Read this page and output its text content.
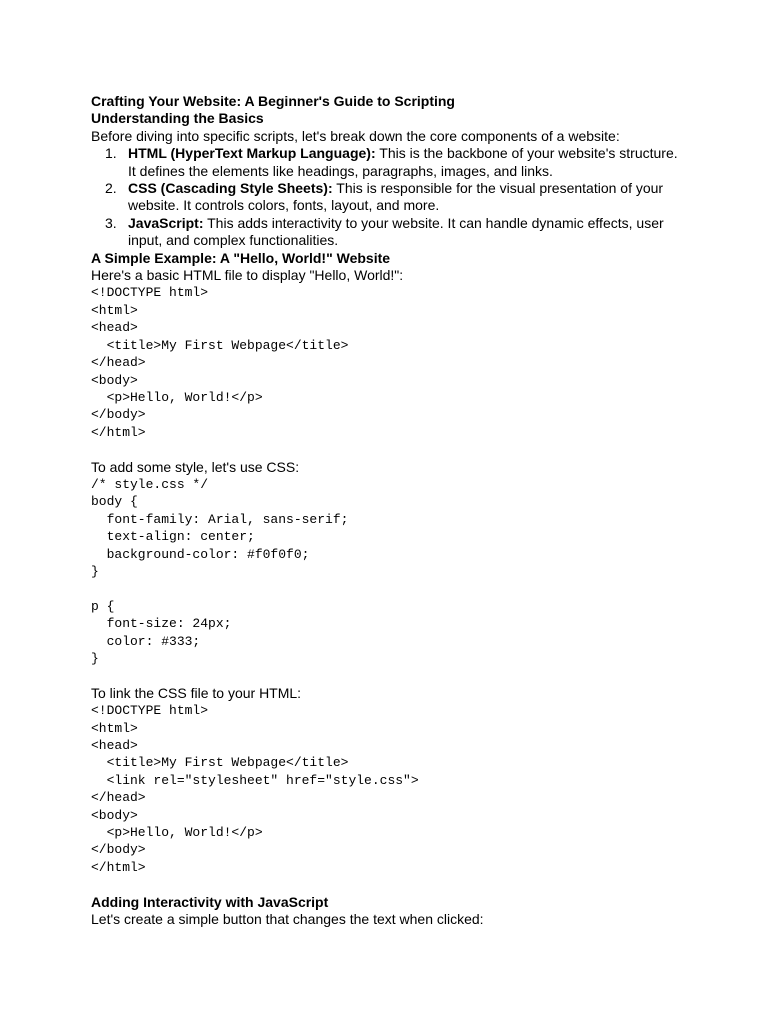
Crafting Your Website: A Beginner's Guide to Scripting
Understanding the Basics
Before diving into specific scripts, let's break down the core components of a website:
1. HTML (HyperText Markup Language): This is the backbone of your website's structure.
It defines the elements like headings, paragraphs, images, and links.
2. CSS (Cascading Style Sheets): This is responsible for the visual presentation of your
website. It controls colors, fonts, layout, and more.
3. JavaScript: This adds interactivity to your website. It can handle dynamic effects, user
input, and complex functionalities.
A Simple Example: A "Hello, World!" Website
Here's a basic HTML file to display "Hello, World!":
<!DOCTYPE html>
<html>
<head>
<title>My First Webpage</title>
</head>
<body>
<p>Hello, World!</p>
</body>
</html>
To add some style, let's use CSS:
/* style.css */
body {
font-family: Arial, sans-serif;
text-align: center;
background-color: #f0f0f0;
}

p {
font-size: 24px;
color: #333;
}
To link the CSS file to your HTML:
<!DOCTYPE html>
<html>
<head>
<title>My First Webpage</title>
<link rel="stylesheet" href="style.css">
</head>
<body>
<p>Hello, World!</p>
</body>
</html>
Adding Interactivity with JavaScript
Let's create a simple button that changes the text when clicked:
